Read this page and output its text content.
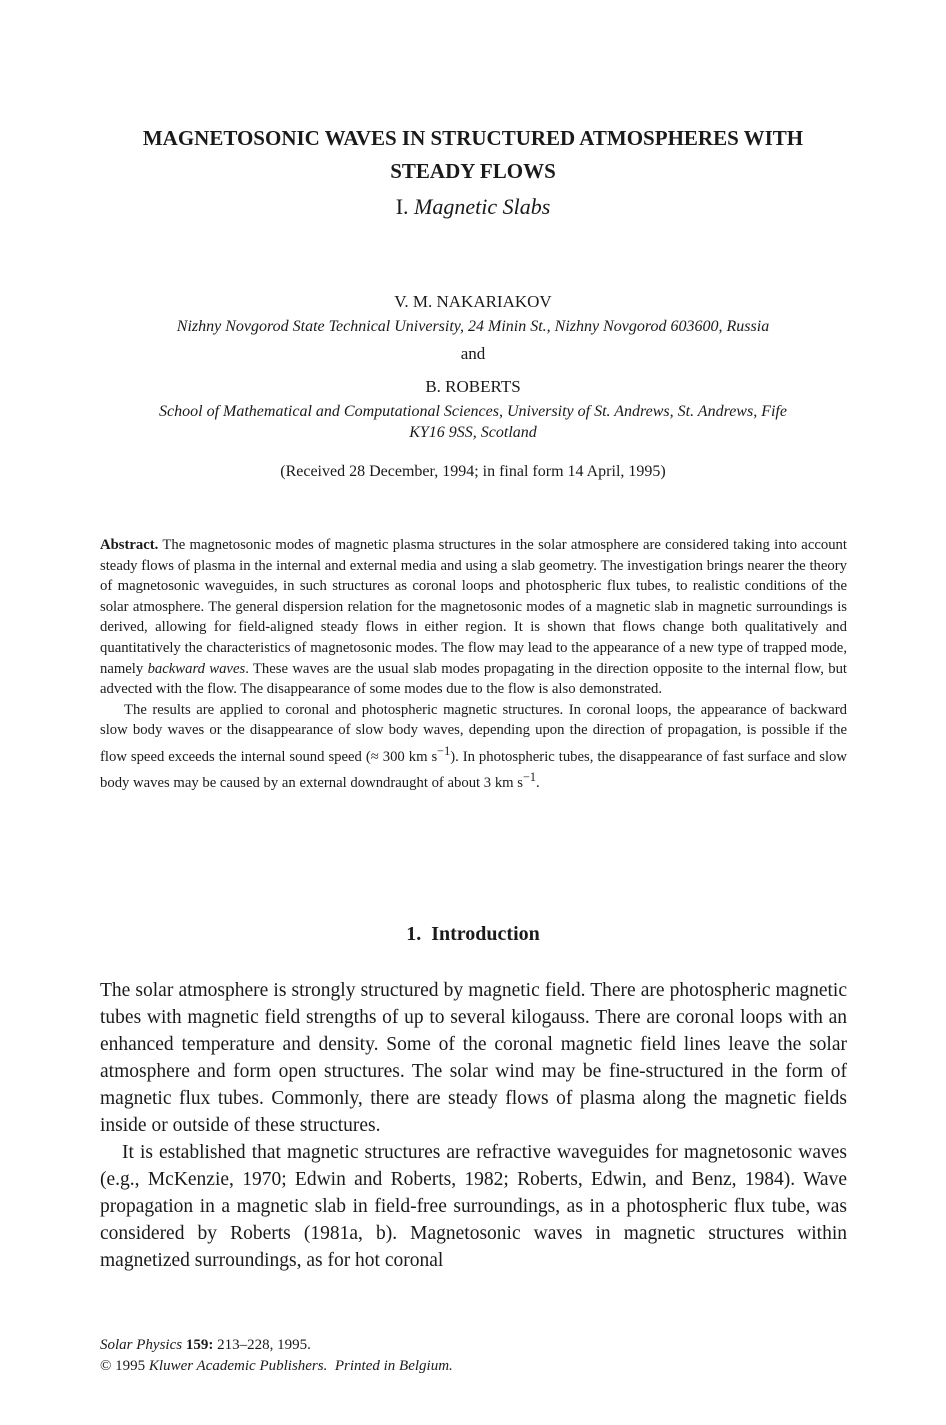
MAGNETOSONIC WAVES IN STRUCTURED ATMOSPHERES WITH
STEADY FLOWS

I. Magnetic Slabs

V. M. NAKARIAKOV

Nizhny Novgorod State Technical University, 24 Minin St., Nizhny Novgorod 603600, Russia

and

B. ROBERTS

School of Mathematical and Computational Sciences, University of St. Andrews, St. Andrews, Fife
KY16 9SS, Scotland

(Received 28 December, 1994; in final form 14 April, 1995)

Abstract. The magnetosonic modes of magnetic plasma structures in the solar atmosphere are considered taking into account steady flows of plasma in the internal and external media and using a slab geometry. The investigation brings nearer the theory of magnetosonic waveguides, in such structures as coronal loops and photospheric flux tubes, to realistic conditions of the solar atmosphere. The general dispersion relation for the magnetosonic modes of a magnetic slab in magnetic surroundings is derived, allowing for field-aligned steady flows in either region. It is shown that flows change both qualitatively and quantitatively the characteristics of magnetosonic modes. The flow may lead to the appearance of a new type of trapped mode, namely backward waves. These waves are the usual slab modes propagating in the direction opposite to the internal flow, but advected with the flow. The disappearance of some modes due to the flow is also demonstrated.

The results are applied to coronal and photospheric magnetic structures. In coronal loops, the appearance of backward slow body waves or the disappearance of slow body waves, depending upon the direction of propagation, is possible if the flow speed exceeds the internal sound speed (≈ 300 km $s^{-1}$). In photospheric tubes, the disappearance of fast surface and slow body waves may be caused by an external downdraught of about 3 km $s^{-1}$.

1. Introduction

The solar atmosphere is strongly structured by magnetic field. There are photospheric magnetic tubes with magnetic field strengths of up to several kilogauss. There are coronal loops with an enhanced temperature and density. Some of the coronal magnetic field lines leave the solar atmosphere and form open structures. The solar wind may be fine-structured in the form of magnetic flux tubes. Commonly, there are steady flows of plasma along the magnetic fields inside or outside of these structures.

It is established that magnetic structures are refractive waveguides for magnetosonic waves (e.g., McKenzie, 1970; Edwin and Roberts, 1982; Roberts, Edwin, and Benz, 1984). Wave propagation in a magnetic slab in field-free surroundings, as in a photospheric flux tube, was considered by Roberts (1981a, b). Magnetosonic waves in magnetic structures within magnetized surroundings, as for hot coronal

Solar Physics 159: 213–228, 1995.
© 1995 Kluwer Academic Publishers. Printed in Belgium.
